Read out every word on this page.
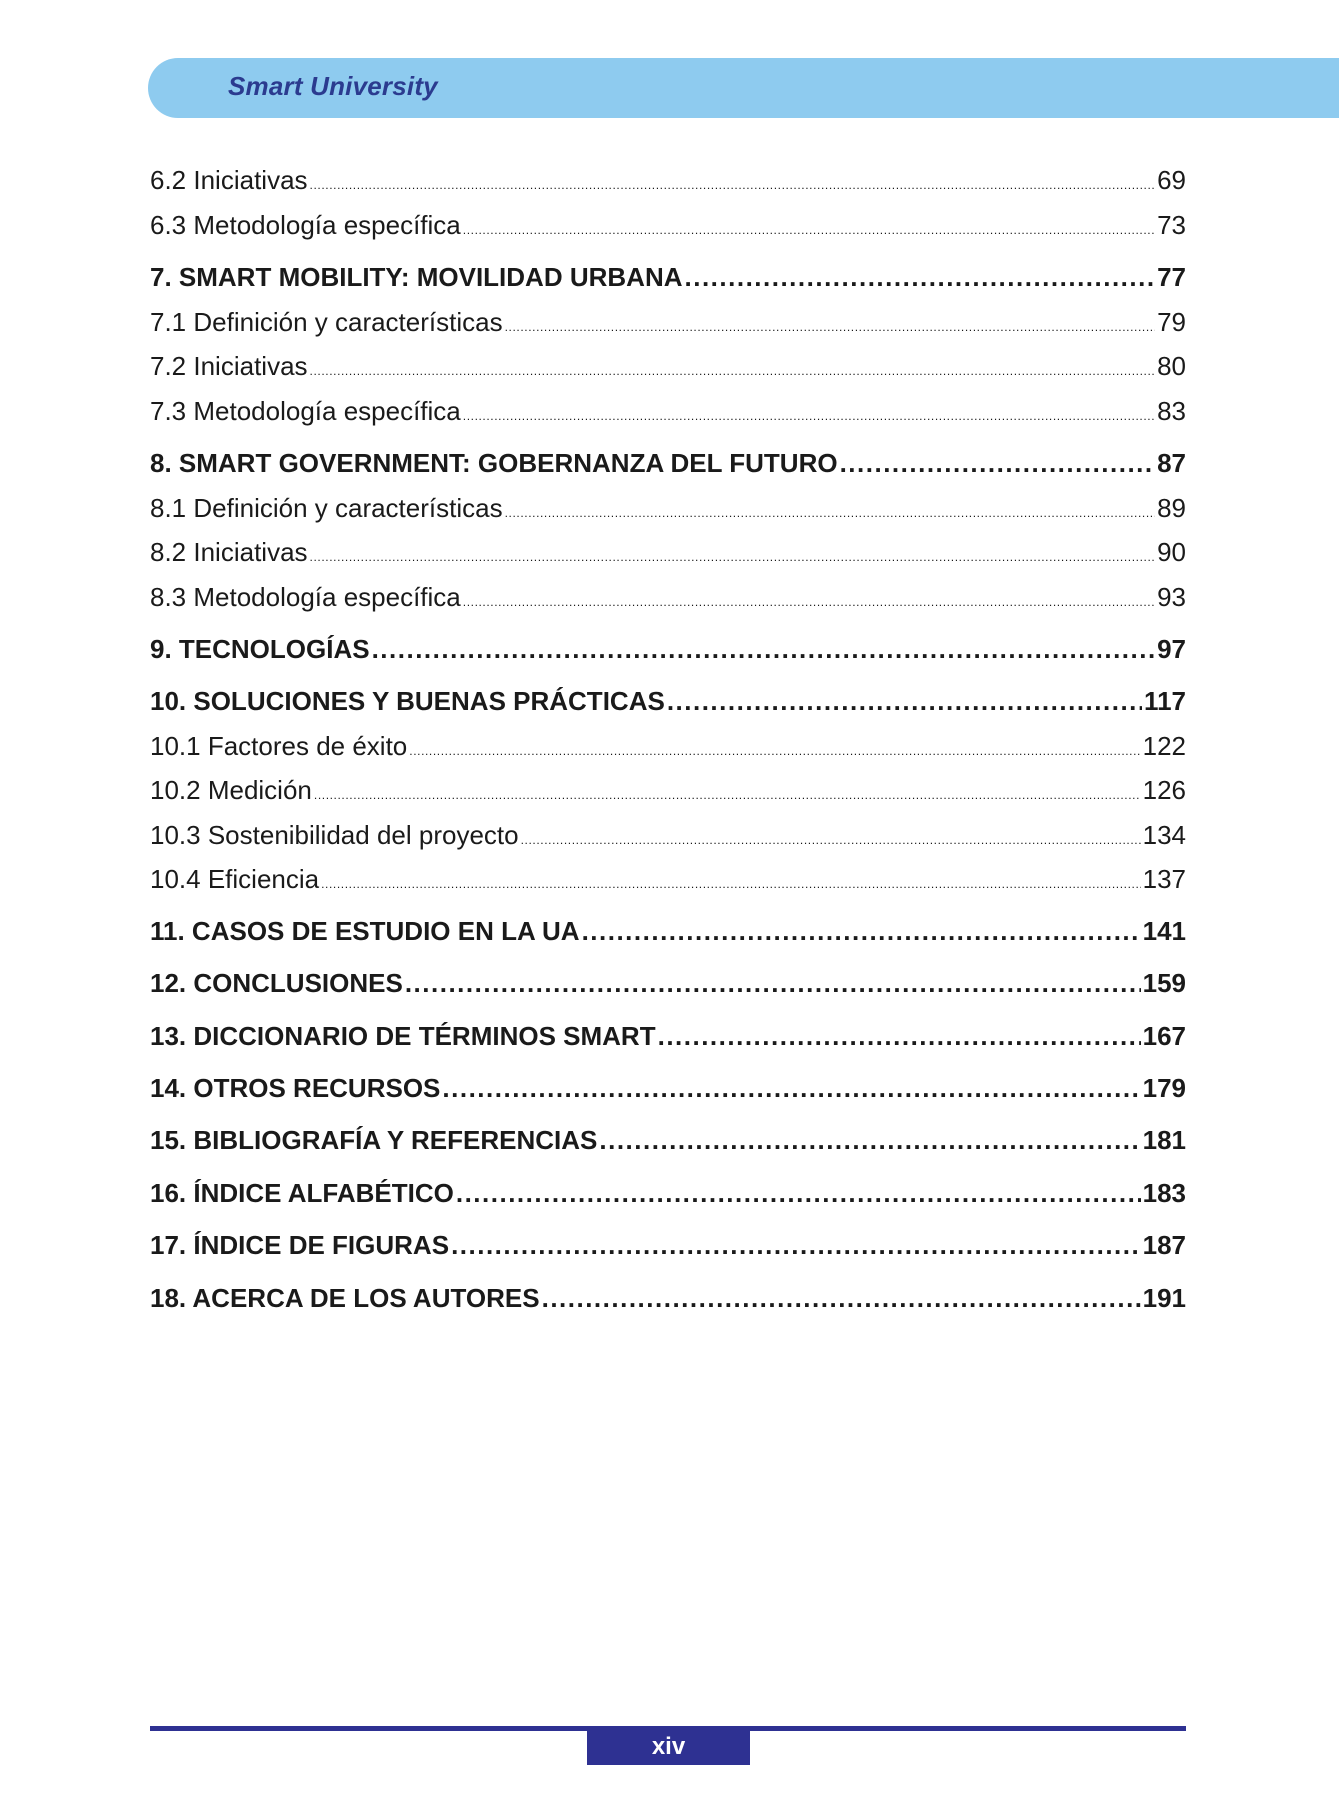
Smart University
6.2 Iniciativas .....	69
6.3 Metodología específica .....	73
7. SMART MOBILITY: MOVILIDAD URBANA .....	77
7.1 Definición y características .....	79
7.2 Iniciativas .....	80
7.3 Metodología específica .....	83
8. SMART GOVERNMENT: GOBERNANZA DEL FUTURO .....	87
8.1 Definición y características .....	89
8.2 Iniciativas .....	90
8.3 Metodología específica .....	93
9. TECNOLOGÍAS .....	97
10. SOLUCIONES Y BUENAS PRÁCTICAS .....	117
10.1 Factores de éxito .....	122
10.2 Medición .....	126
10.3 Sostenibilidad del proyecto .....	134
10.4 Eficiencia .....	137
11. CASOS DE ESTUDIO EN LA UA .....	141
12. CONCLUSIONES .....	159
13. DICCIONARIO DE TÉRMINOS SMART .....	167
14. OTROS RECURSOS .....	179
15. BIBLIOGRAFÍA Y REFERENCIAS .....	181
16. ÍNDICE ALFABÉTICO .....	183
17. ÍNDICE DE FIGURAS .....	187
18. ACERCA DE LOS AUTORES .....	191
xiv
